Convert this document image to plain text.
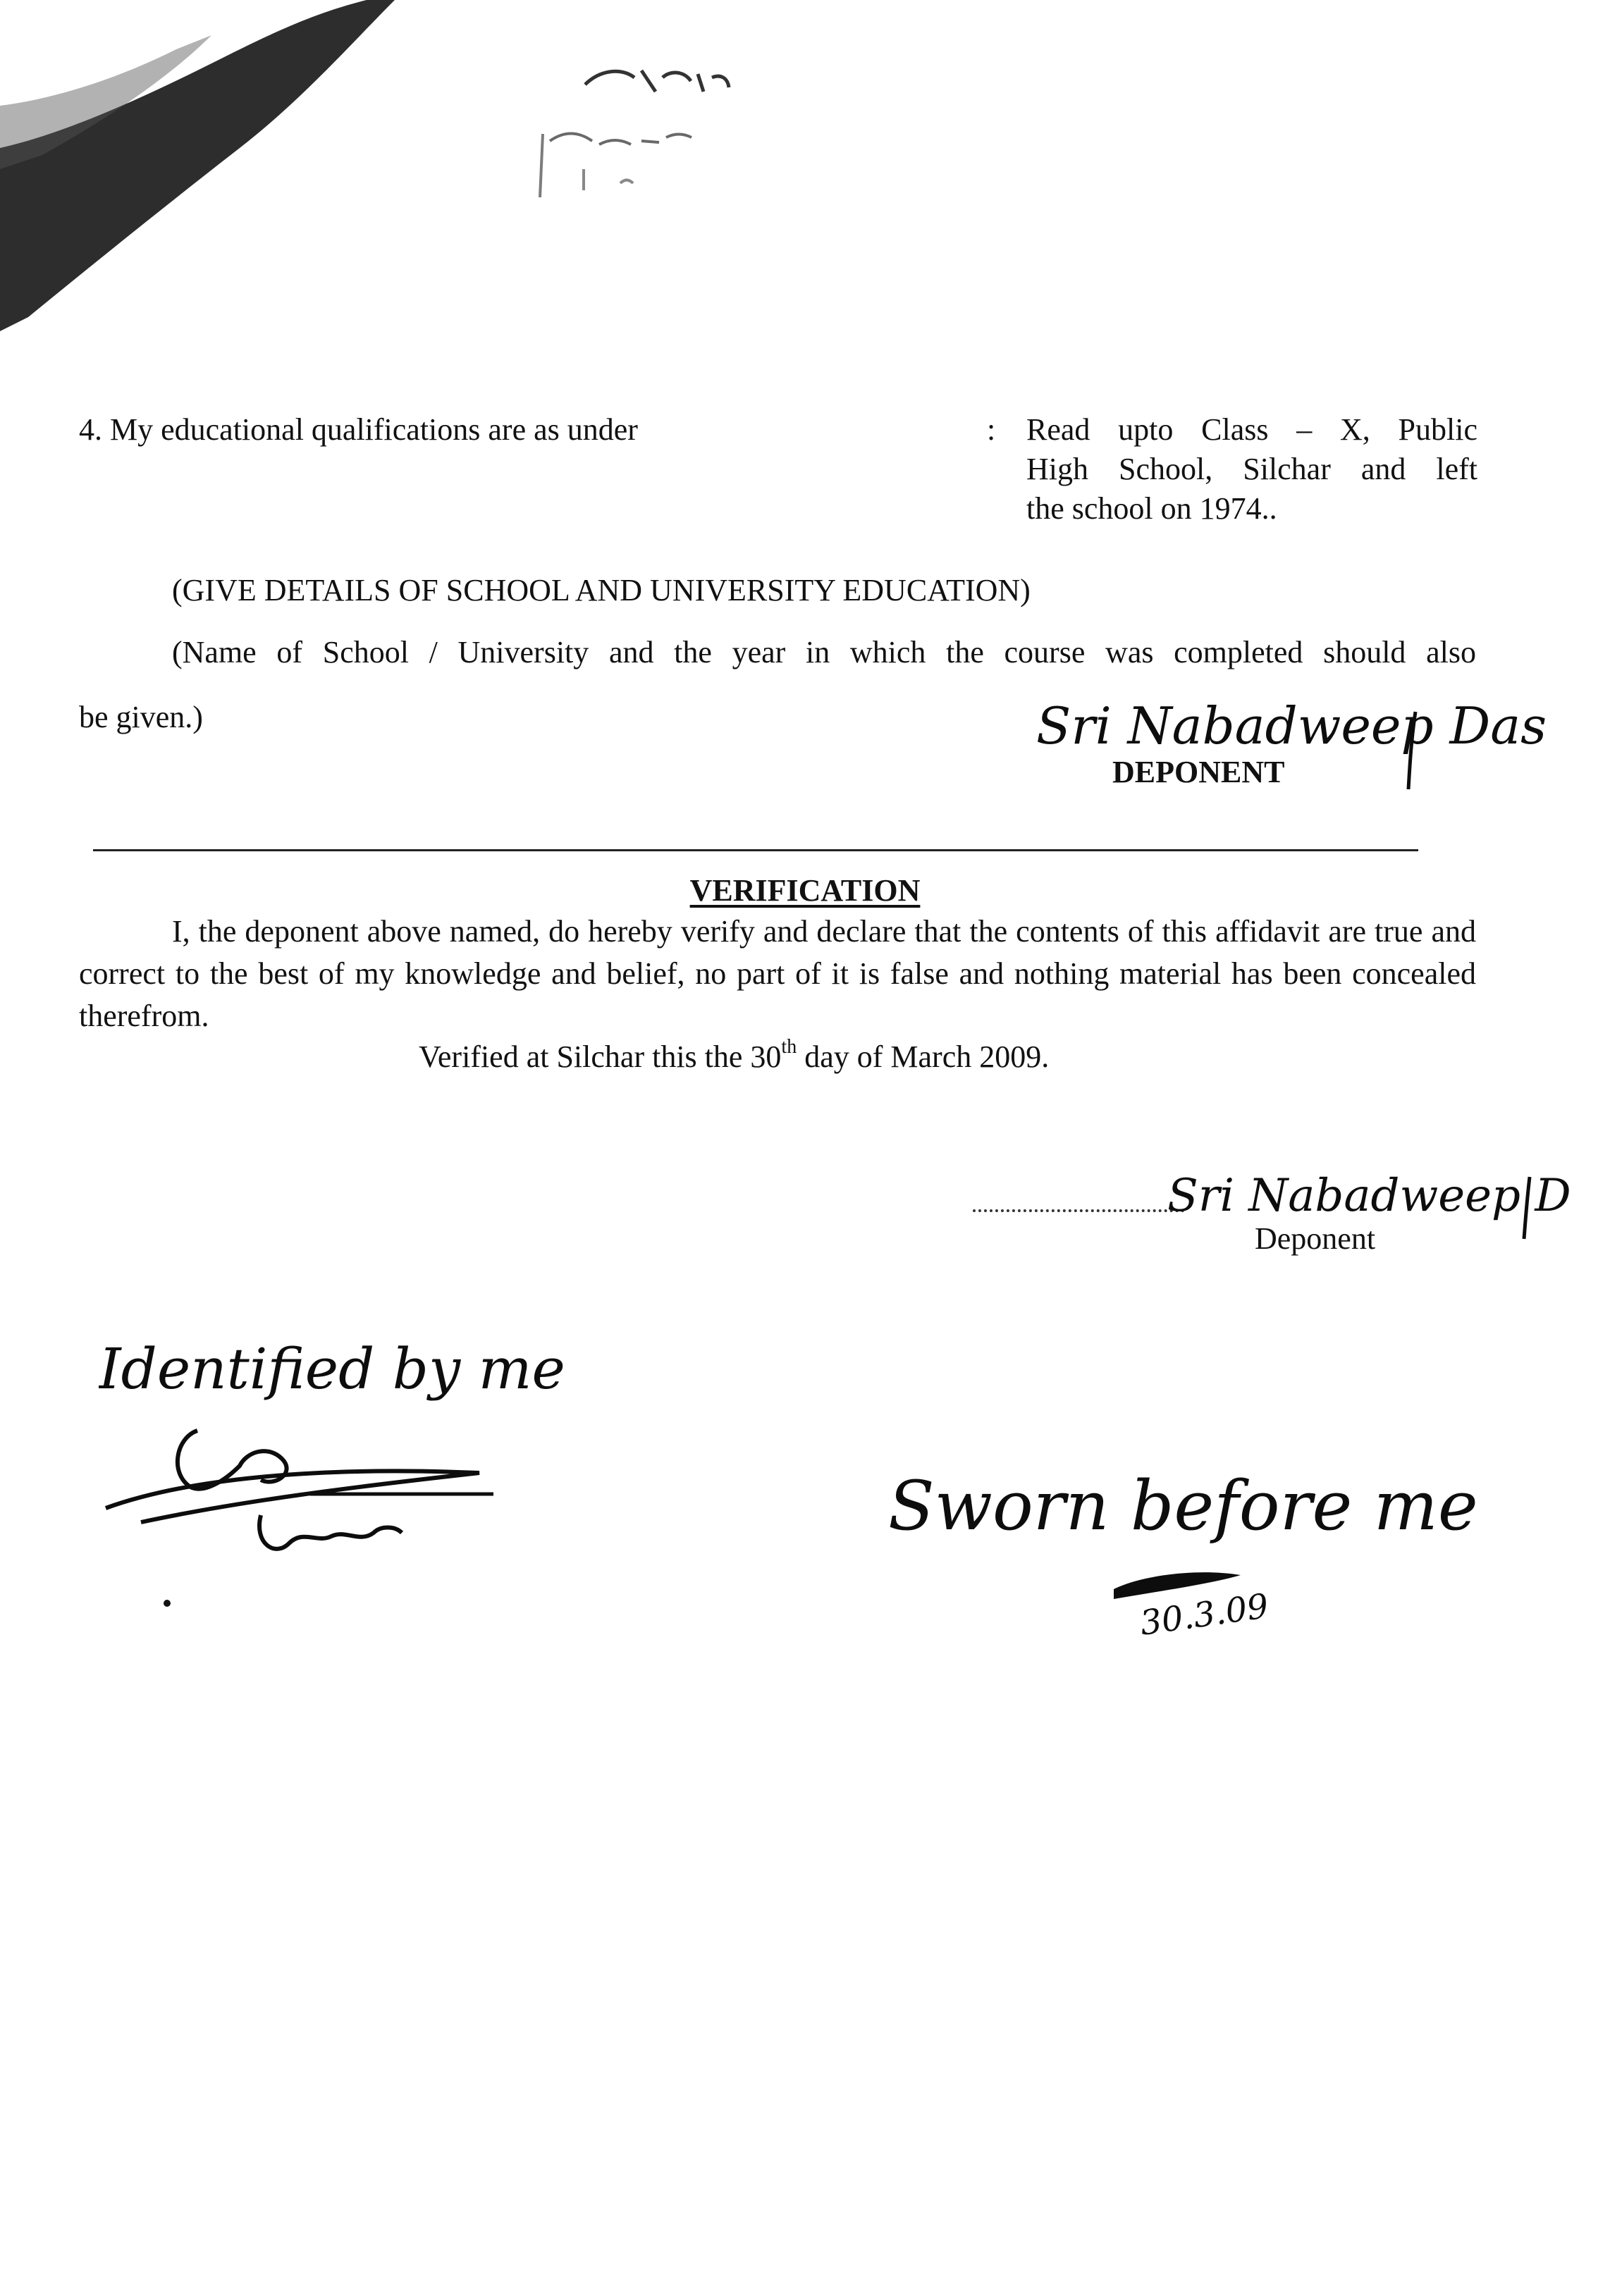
4. My educational qualifications are as under	: Read upto Class – X, Public
High School, Silchar and left
the school on 1974..
(GIVE DETAILS OF SCHOOL AND UNIVERSITY EDUCATION)
(Name of School / University and the year in which the course was completed should also
be given.)	Sri Nabadweep Das
DEPONENT
VERIFICATION
I, the deponent above named, do hereby verify and declare that the contents of this affidavit are true and correct to the best of my knowledge and belief, no part of it is false and nothing material has been concealed therefrom.
Verified at Silchar this the 30th day of March 2009.
Sri Nabadweep D
Deponent
Identified by me
Sworn before me
30.3.09
